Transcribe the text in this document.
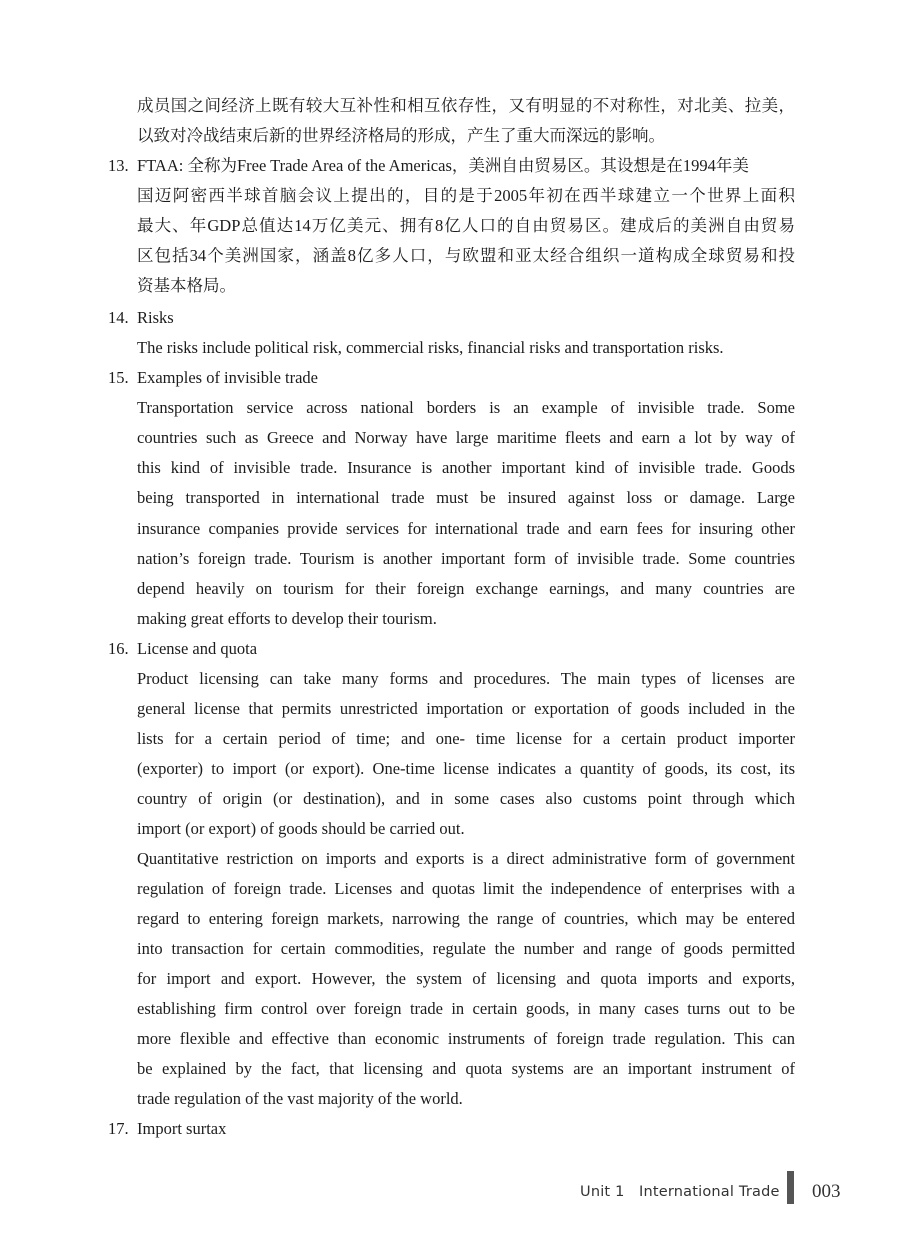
成员国之间经济上既有较大互补性和相互依存性，又有明显的不对称性，对北美、拉美，
以致对冷战结束后新的世界经济格局的形成，产生了重大而深远的影响。
13. FTAA: 全称为Free Trade Area of the Americas，美洲自由贸易区。其设想是在1994年美
国迈阿密西半球首脑会议上提出的，目的是于2005年初在西半球建立一个世界上面积
最大、年GDP总值达14万亿美元、拥有8亿人口的自由贸易区。建成后的美洲自由贸易
区包括34个美洲国家，涵盖8亿多人口，与欧盟和亚太经合组织一道构成全球贸易和投
资基本格局。
14. Risks
The risks include political risk, commercial risks, financial risks and transportation risks.
15. Examples of invisible trade
Transportation service across national borders is an example of invisible trade. Some
countries such as Greece and Norway have large maritime fleets and earn a lot by way of
this kind of invisible trade. Insurance is another important kind of invisible trade. Goods
being transported in international trade must be insured against loss or damage. Large
insurance companies provide services for international trade and earn fees for insuring other
nation’s foreign trade. Tourism is another important form of invisible trade. Some countries
depend heavily on tourism for their foreign exchange earnings, and many countries are
making great efforts to develop their tourism.
16. License and quota
Product licensing can take many forms and procedures. The main types of licenses are
general license that permits unrestricted importation or exportation of goods included in the
lists for a certain period of time; and one- time license for a certain product importer
(exporter) to import (or export). One-time license indicates a quantity of goods, its cost, its
country of origin (or destination), and in some cases also customs point through which
import (or export) of goods should be carried out.
Quantitative restriction on imports and exports is a direct administrative form of government
regulation of foreign trade. Licenses and quotas limit the independence of enterprises with a
regard to entering foreign markets, narrowing the range of countries, which may be entered
into transaction for certain commodities, regulate the number and range of goods permitted
for import and export. However, the system of licensing and quota imports and exports,
establishing firm control over foreign trade in certain goods, in many cases turns out to be
more flexible and effective than economic instruments of foreign trade regulation. This can
be explained by the fact, that licensing and quota systems are an important instrument of
trade regulation of the vast majority of the world.
17. Import surtax
Unit 1   International Trade 003
